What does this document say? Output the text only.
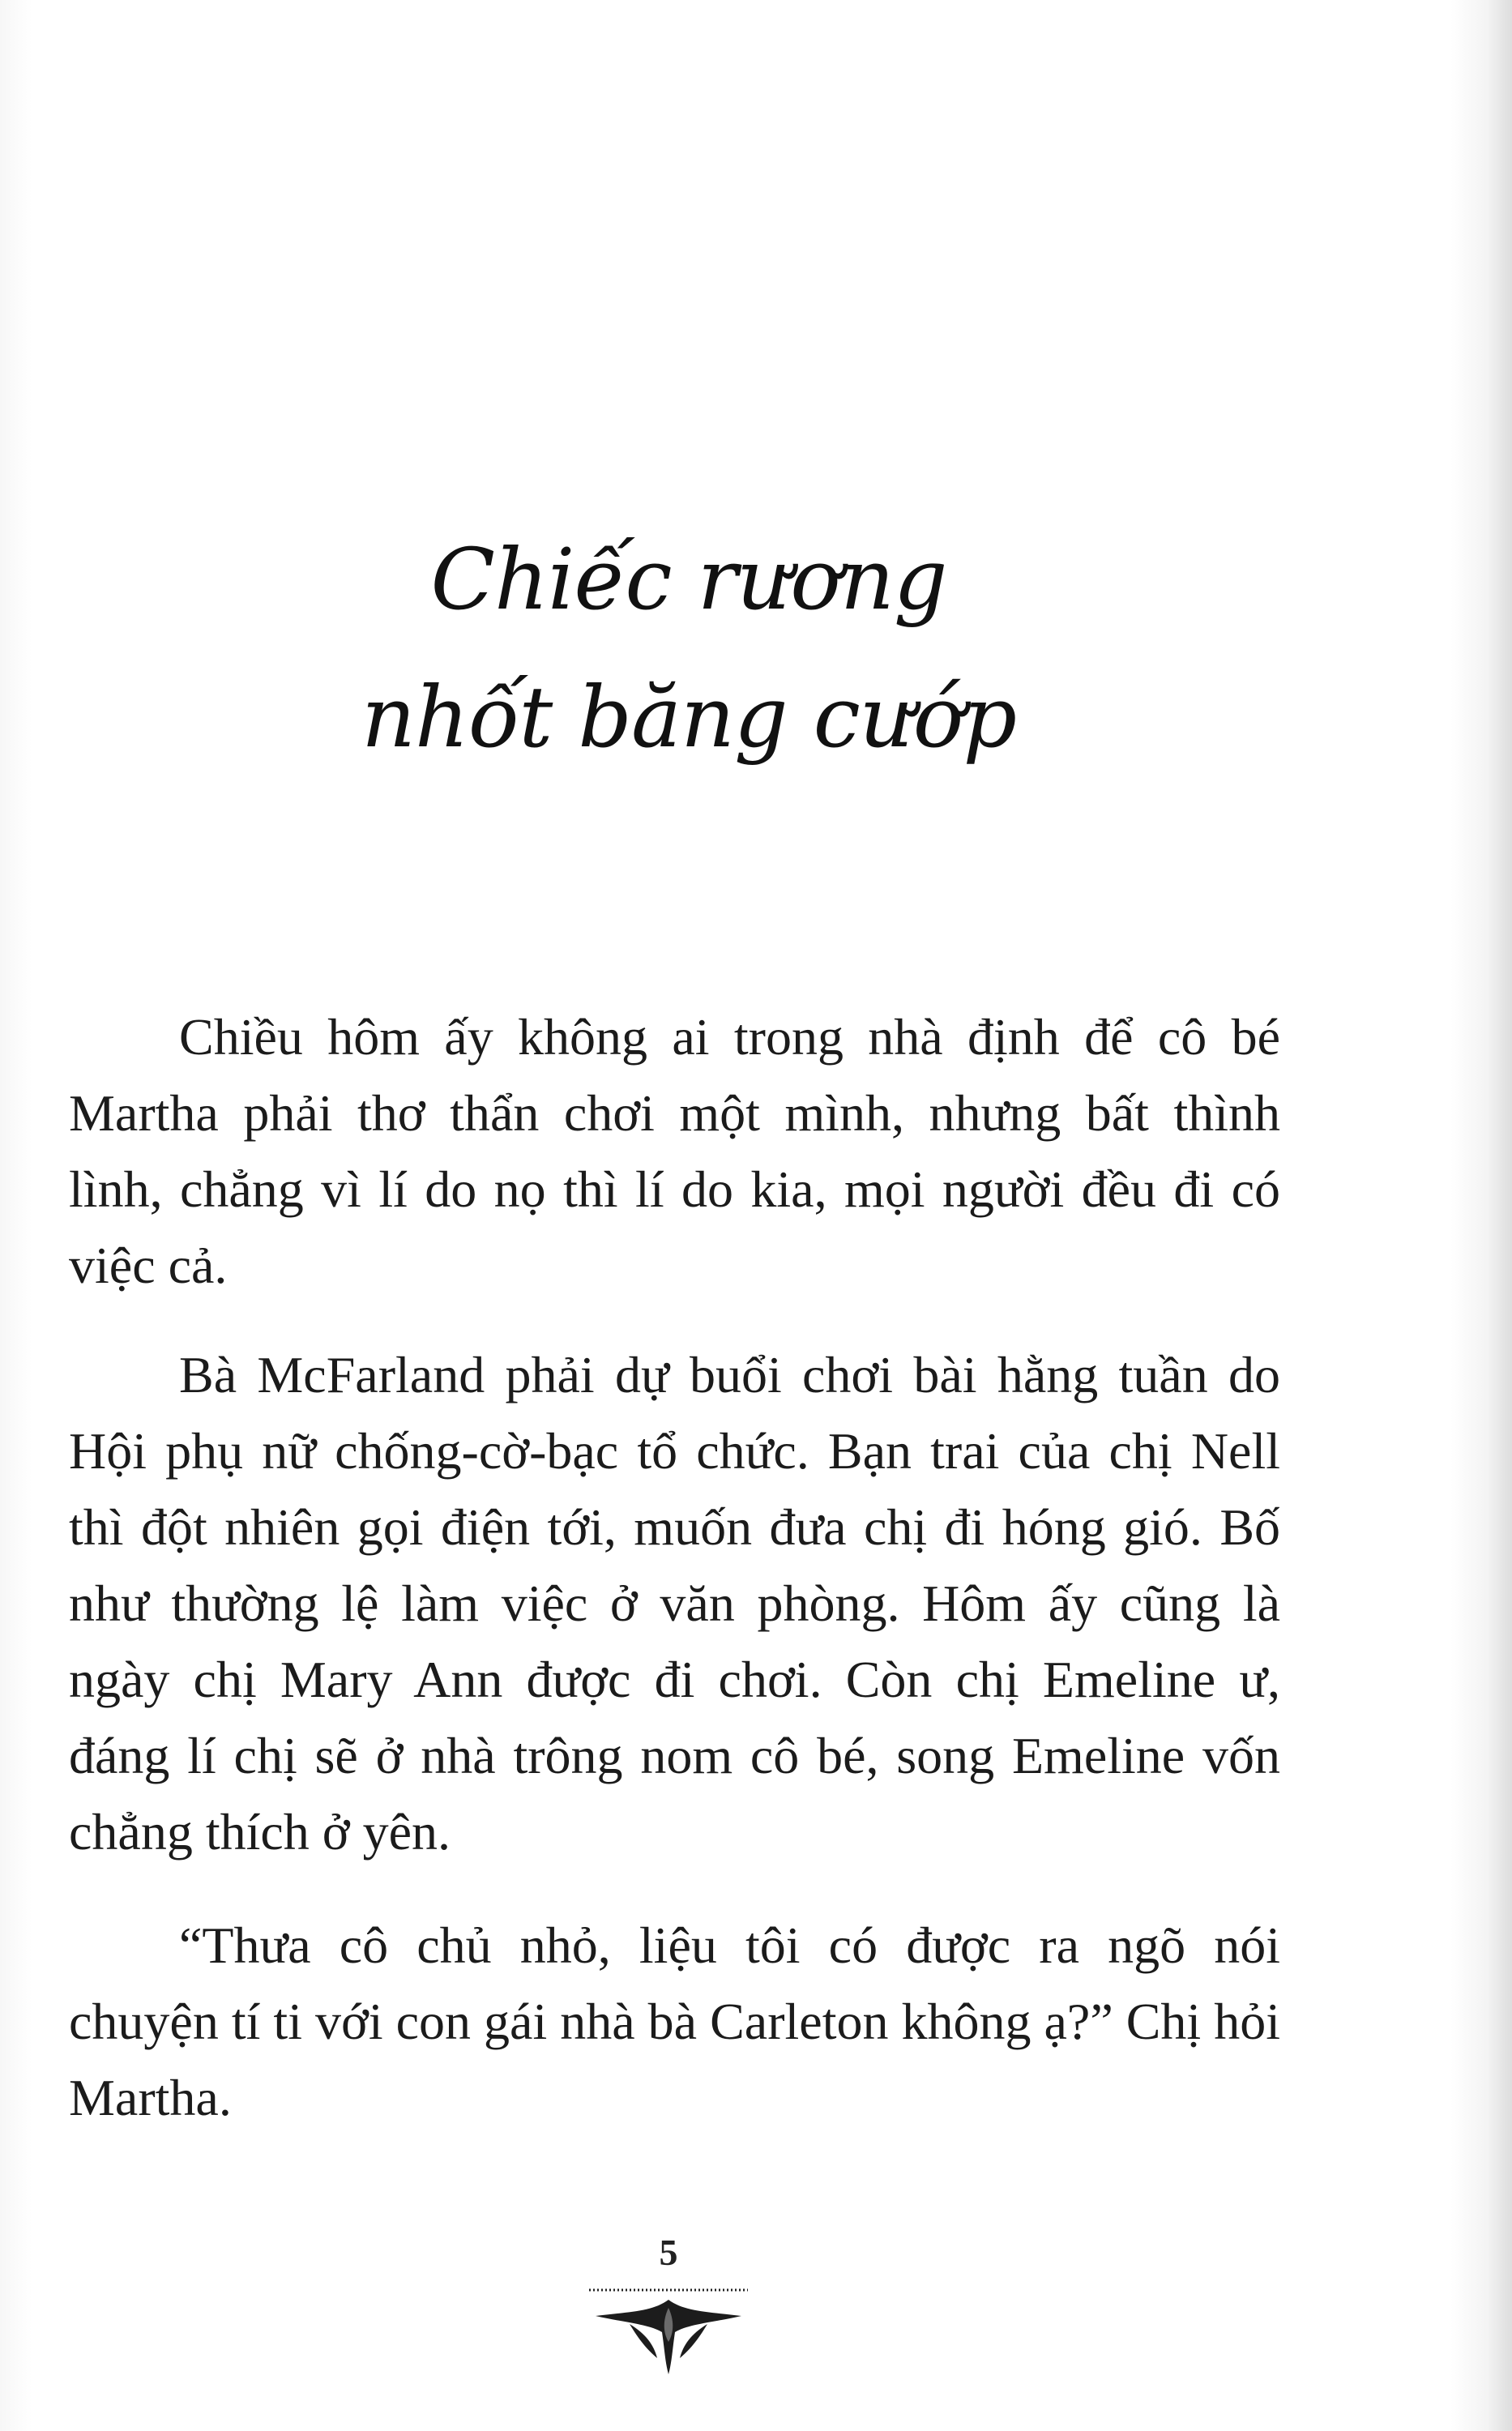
Chiếc rương
nhốt băng cướp

Chiều hôm ấy không ai trong nhà định để cô bé Martha phải thơ thẩn chơi một mình, nhưng bất thình lình, chẳng vì lí do nọ thì lí do kia, mọi người đều đi có việc cả.

Bà McFarland phải dự buổi chơi bài hằng tuần do Hội phụ nữ chống-cờ-bạc tổ chức. Bạn trai của chị Nell thì đột nhiên gọi điện tới, muốn đưa chị đi hóng gió. Bố như thường lệ làm việc ở văn phòng. Hôm ấy cũng là ngày chị Mary Ann được đi chơi. Còn chị Emeline ư, đáng lí chị sẽ ở nhà trông nom cô bé, song Emeline vốn chẳng thích ở yên.

“Thưa cô chủ nhỏ, liệu tôi có được ra ngõ nói chuyện tí ti với con gái nhà bà Carleton không ạ?” Chị hỏi Martha.

5
